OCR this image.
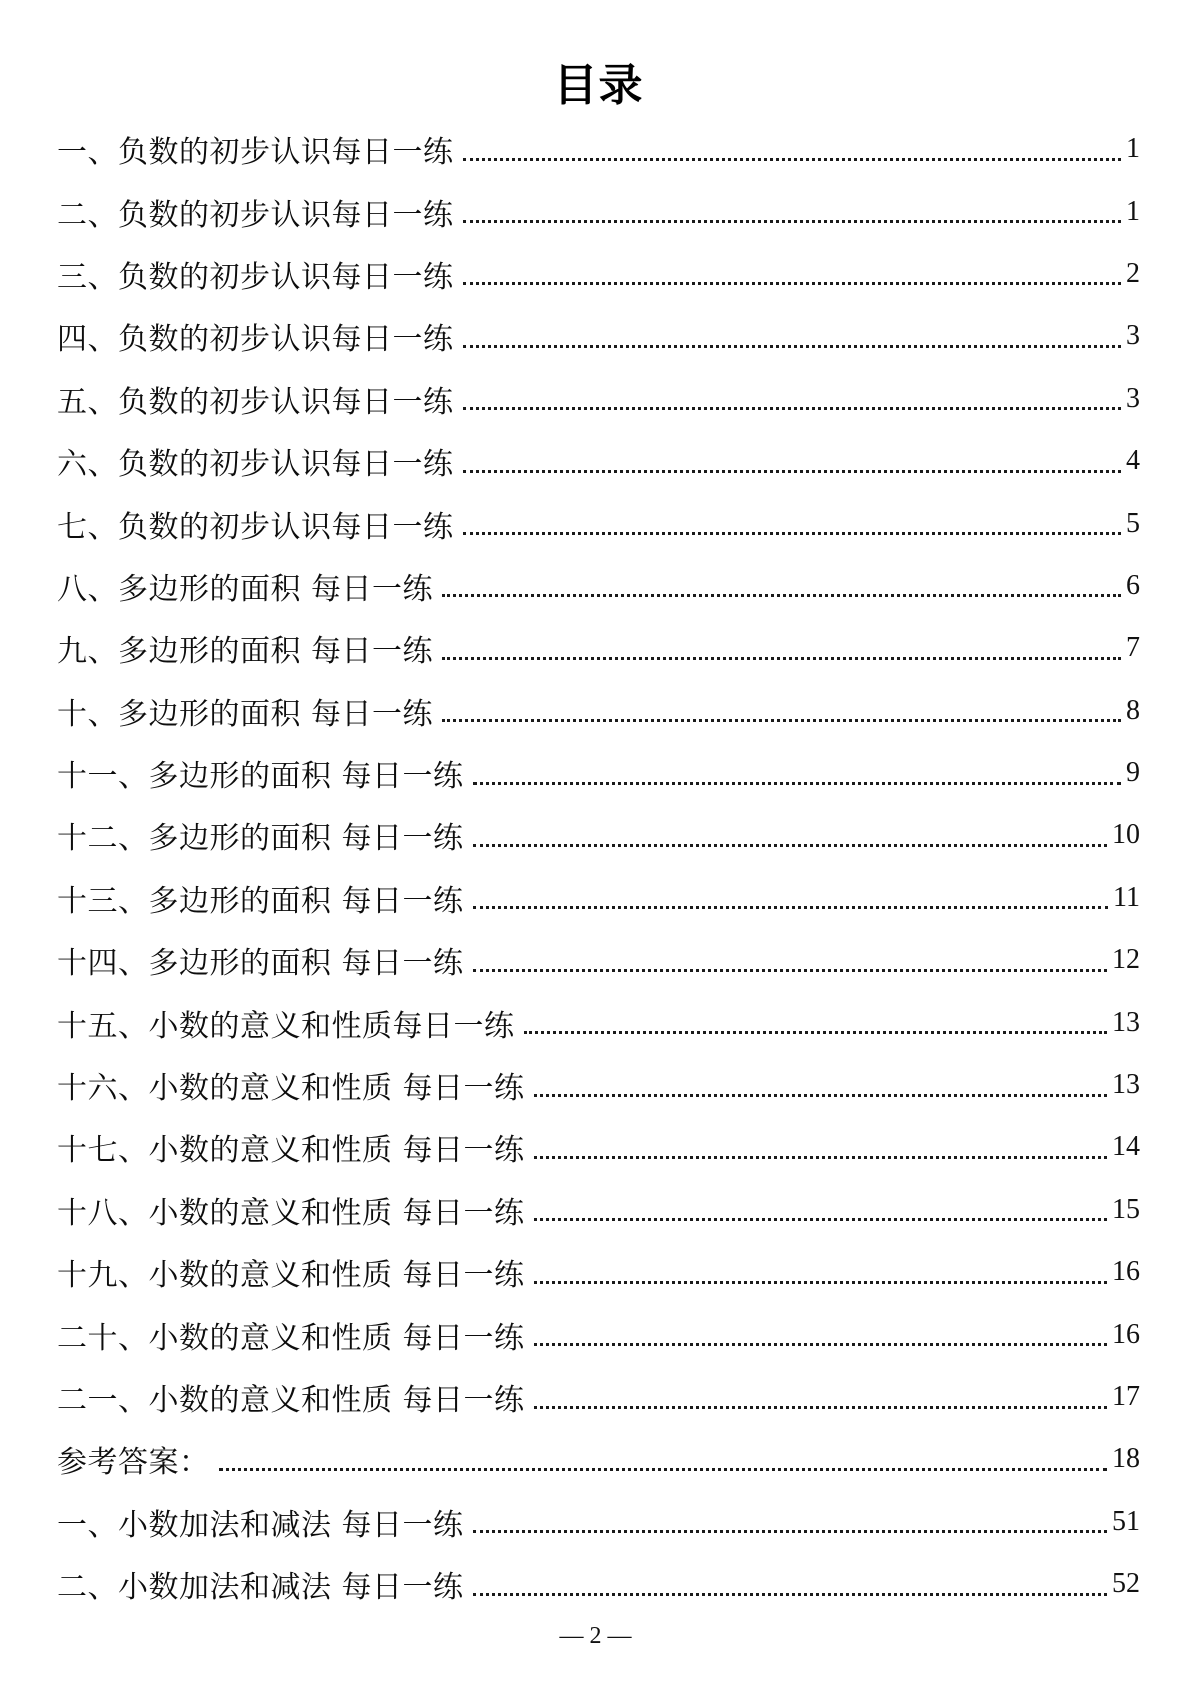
目录
一、负数的初步认识每日一练	1
二、负数的初步认识每日一练	1
三、负数的初步认识每日一练	2
四、负数的初步认识每日一练	3
五、负数的初步认识每日一练	3
六、负数的初步认识每日一练	4
七、负数的初步认识每日一练	5
八、多边形的面积 每日一练	6
九、多边形的面积 每日一练	7
十、多边形的面积 每日一练	8
十一、多边形的面积 每日一练	9
十二、多边形的面积 每日一练	10
十三、多边形的面积 每日一练	11
十四、多边形的面积 每日一练	12
十五、小数的意义和性质每日一练	13
十六、小数的意义和性质 每日一练	13
十七、小数的意义和性质 每日一练	14
十八、小数的意义和性质 每日一练	15
十九、小数的意义和性质 每日一练	16
二十、小数的意义和性质 每日一练	16
二一、小数的意义和性质 每日一练	17
参考答案：	18
一、小数加法和减法 每日一练	51
二、小数加法和减法 每日一练	52
— 2 —
